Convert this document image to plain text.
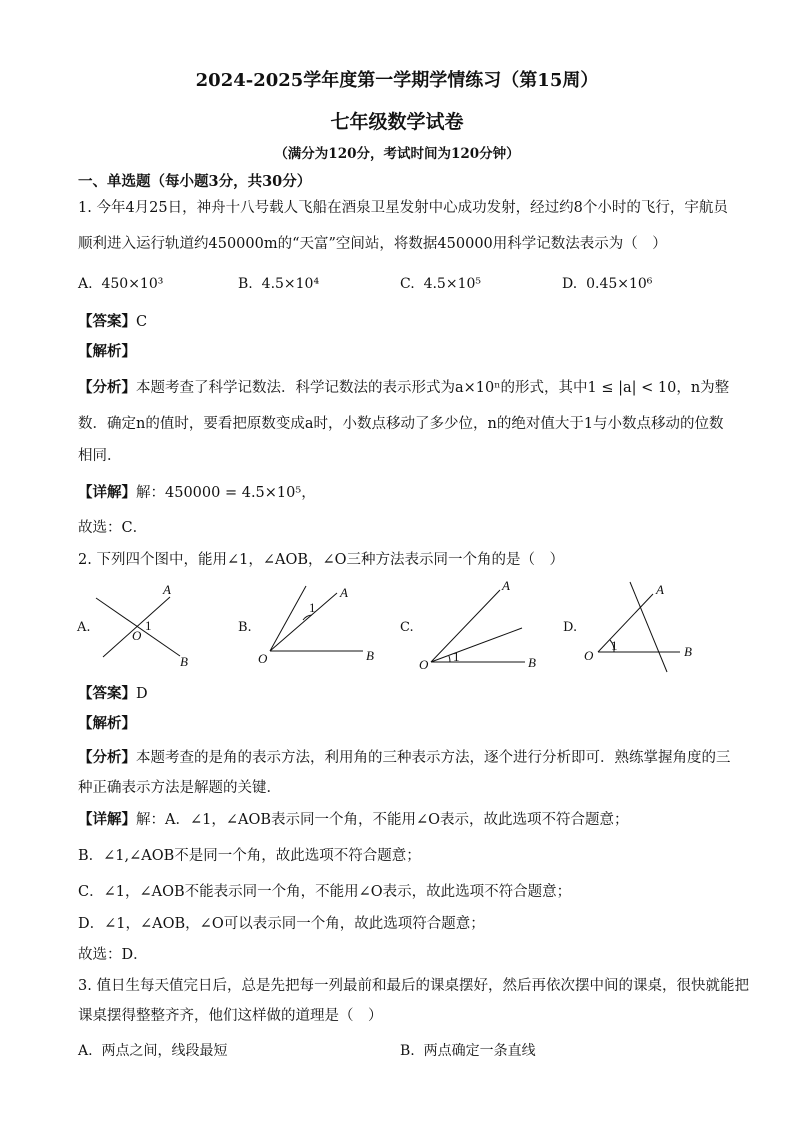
2024-2025学年度第一学期学情练习（第15周）
七年级数学试卷
（满分为120分，考试时间为120分钟）
一、单选题（每小题3分，共30分）
1. 今年4月25日，神舟十八号载人飞船在酒泉卫星发射中心成功发射，经过约8个小时的飞行，宇航员
顺利进入运行轨道约450000m的“天富”空间站，将数据450000用科学记数法表示为（　）
A. 450×10³	B. 4.5×10⁴	C. 4.5×10⁵	D. 0.45×10⁶
【答案】C
【解析】
【分析】本题考查了科学记数法．科学记数法的表示形式为a×10ⁿ的形式，其中1 ≤ |a| < 10，n为整
数．确定n的值时，要看把原数变成a时，小数点移动了多少位，n的绝对值大于1与小数点移动的位数
相同．
【详解】解：450000 = 4.5×10⁵，
故选：C．
2. 下列四个图中，能用∠1，∠AOB，∠O三种方法表示同一个角的是（　）
A.	B.	C.	D.
A
O
1
B
A
1
O	B
A
1
O	B
A
1
O	B
【答案】D
【解析】
【分析】本题考查的是角的表示方法，利用角的三种表示方法，逐个进行分析即可．熟练掌握角度的三
种正确表示方法是解题的关键．
【详解】解：A．∠1，∠AOB表示同一个角，不能用∠O表示，故此选项不符合题意；
B．∠1,∠AOB不是同一个角，故此选项不符合题意；
C．∠1，∠AOB不能表示同一个角，不能用∠O表示，故此选项不符合题意；
D．∠1，∠AOB，∠O可以表示同一个角，故此选项符合题意；
故选：D．
3. 值日生每天值完日后，总是先把每一列最前和最后的课桌摆好，然后再依次摆中间的课桌，很快就能把
课桌摆得整整齐齐，他们这样做的道理是（　）
A. 两点之间，线段最短	B. 两点确定一条直线
